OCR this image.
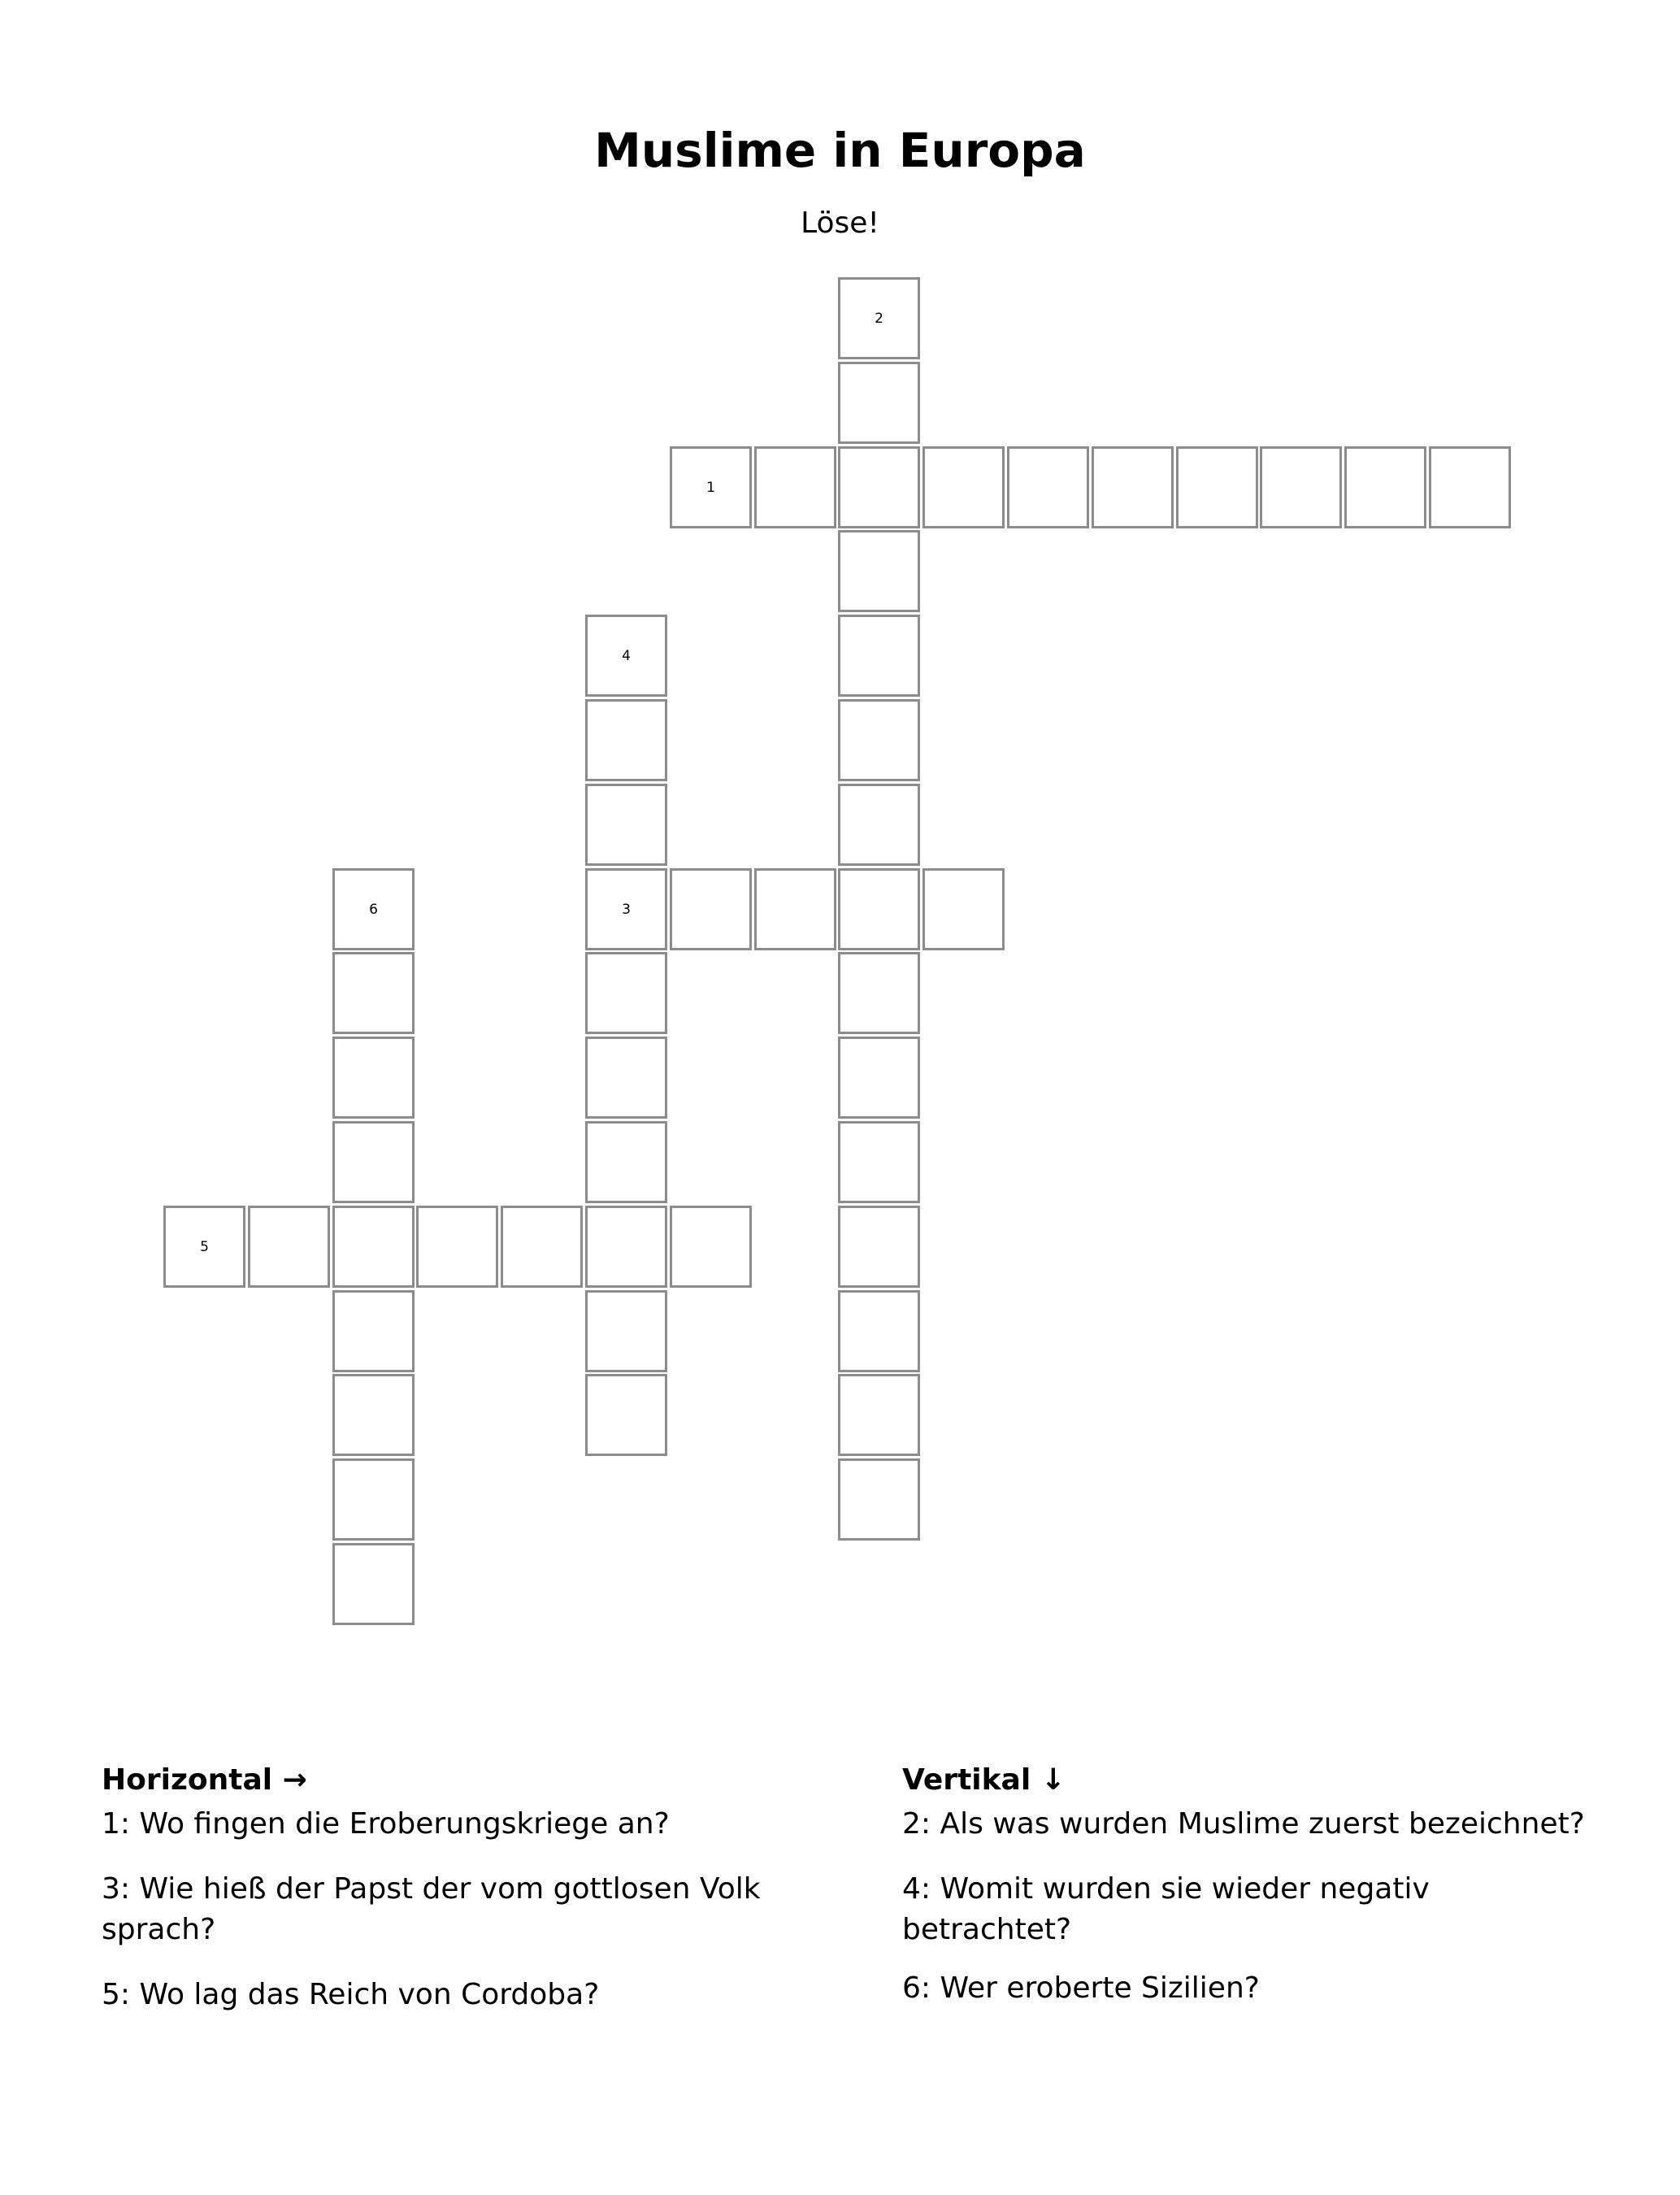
Muslime in Europa
Löse!
2
1
4
6	3
5
Horizontal →
1: Wo fingen die Eroberungskriege an?
3: Wie hieß der Papst der vom gottlosen Volk sprach?
5: Wo lag das Reich von Cordoba?
Vertikal ↓
2: Als was wurden Muslime zuerst bezeichnet?
4: Womit wurden sie wieder negativ betrachtet?
6: Wer eroberte Sizilien?
